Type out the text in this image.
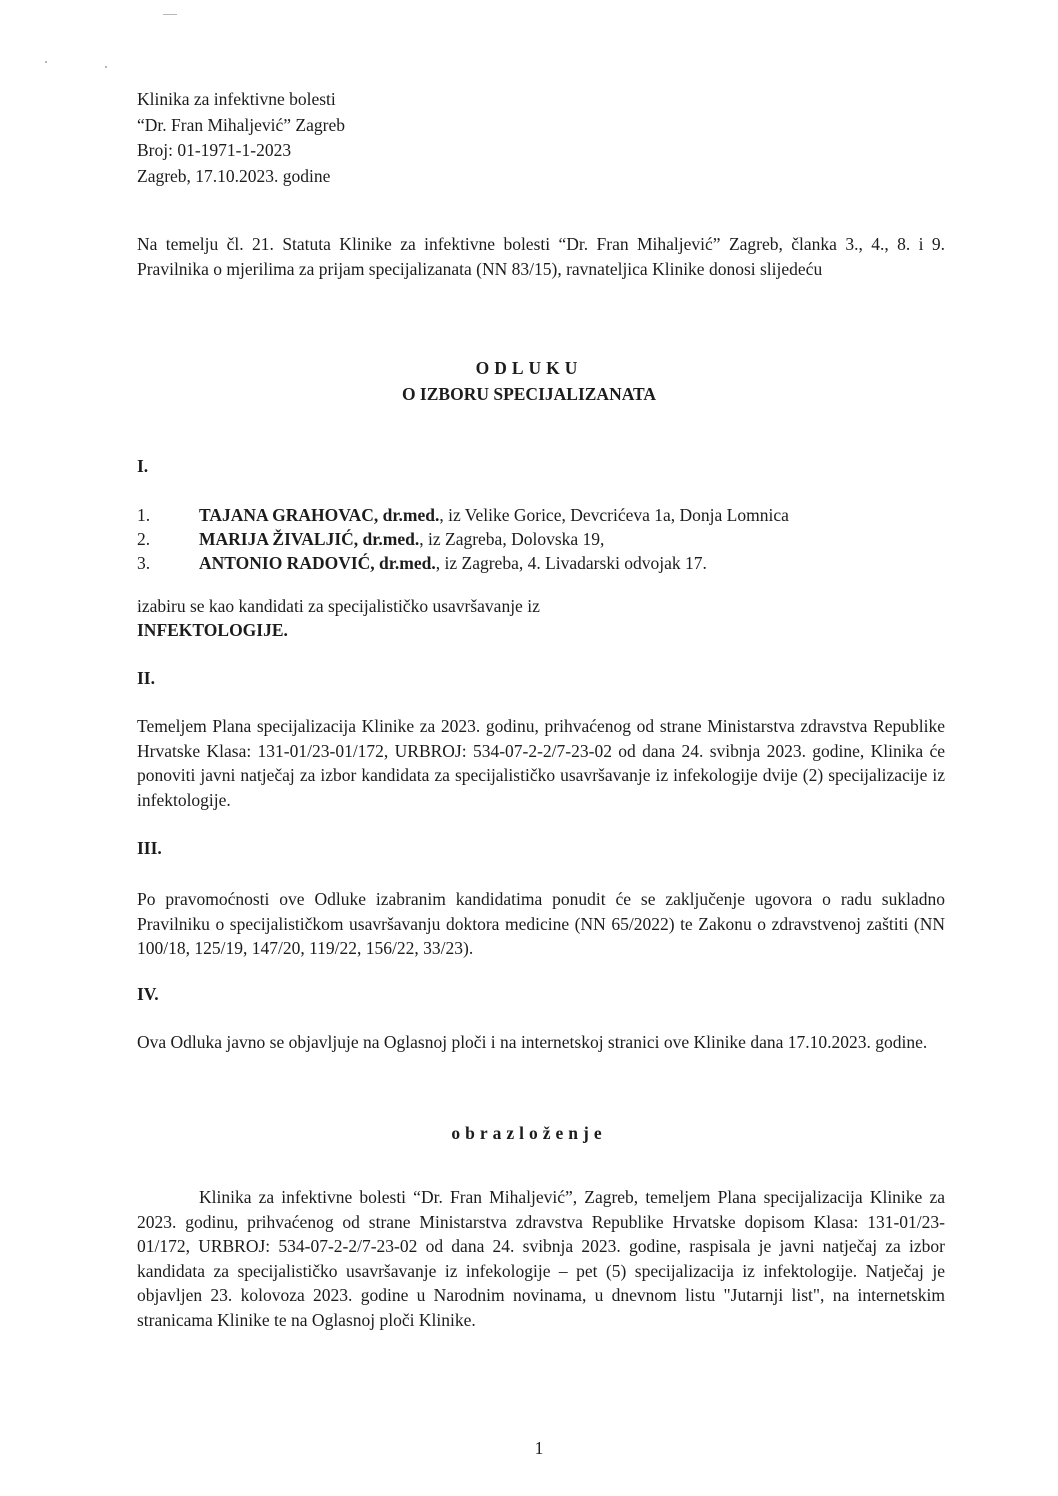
Klinika za infektivne bolesti
“Dr. Fran Mihaljević” Zagreb
Broj: 01-1971-1-2023
Zagreb, 17.10.2023. godine
Na temelju čl. 21. Statuta Klinike za infektivne bolesti “Dr. Fran Mihaljević” Zagreb, članka 3., 4., 8. i 9. Pravilnika o mjerilima za prijam specijalizanata (NN 83/15), ravnateljica Klinike donosi slijedeću
ODLUKU
O IZBORU SPECIJALIZANATA
I.
1.	TAJANA GRAHOVAC, dr.med., iz Velike Gorice, Devcrićeva 1a, Donja Lomnica
2.	MARIJA ŽIVALJIĆ, dr.med., iz Zagreba, Dolovska 19,
3.	ANTONIO RADOVIĆ, dr.med., iz Zagreba, 4. Livadarski odvojak 17.
izabiru se kao kandidati za specijalističko usavršavanje iz
INFEKTOLOGIJE.
II.
Temeljem Plana specijalizacija Klinike za 2023. godinu, prihvaćenog od strane Ministarstva zdravstva Republike Hrvatske Klasa: 131-01/23-01/172, URBROJ: 534-07-2-2/7-23-02 od dana 24. svibnja 2023. godine, Klinika će ponoviti javni natječaj za izbor kandidata za specijalističko usavršavanje iz infekologije dvije (2) specijalizacije iz infektologije.
III.
Po pravomoćnosti ove Odluke izabranim kandidatima ponudit će se zaključenje ugovora o radu sukladno Pravilniku o specijalističkom usavršavanju doktora medicine (NN 65/2022) te Zakonu o zdravstvenoj zaštiti (NN 100/18, 125/19, 147/20, 119/22, 156/22, 33/23).
IV.
Ova Odluka javno se objavljuje na Oglasnoj ploči i na internetskoj stranici ove Klinike dana 17.10.2023. godine.
obrazloženje
Klinika za infektivne bolesti “Dr. Fran Mihaljević”, Zagreb, temeljem Plana specijalizacija Klinike za 2023. godinu, prihvaćenog od strane Ministarstva zdravstva Republike Hrvatske dopisom Klasa: 131-01/23-01/172, URBROJ: 534-07-2-2/7-23-02 od dana 24. svibnja 2023. godine, raspisala je javni natječaj za izbor kandidata za specijalističko usavršavanje iz infekologije – pet (5) specijalizacija iz infektologije. Natječaj je objavljen 23. kolovoza 2023. godine u Narodnim novinama, u dnevnom listu "Jutarnji list", na internetskim stranicama Klinike te na Oglasnoj ploči Klinike.
1
